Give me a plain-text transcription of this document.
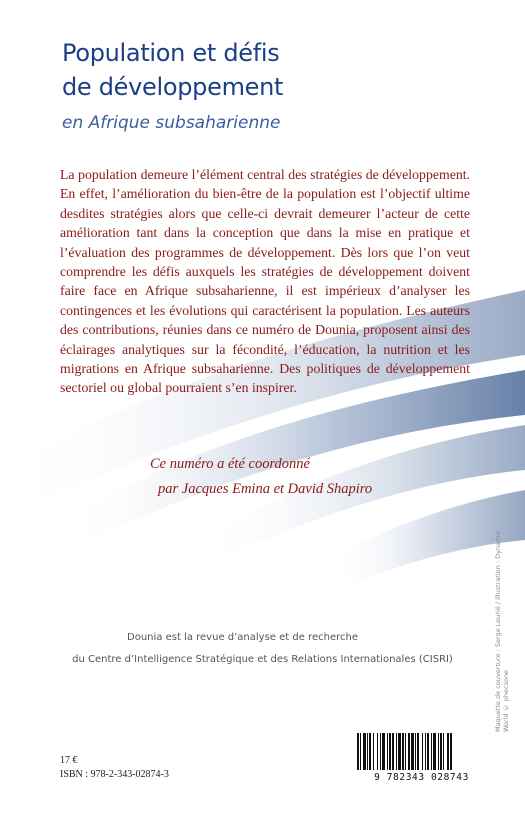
Population et défis
de développement

en Afrique subsaharienne

La population demeure l’élément central des stratégies de développement. En effet, l’amélioration du bien-être de la population est l’objectif ultime desdites stratégies alors que celle-ci devrait demeurer l’acteur de cette amélioration tant dans la conception que dans la mise en pratique et l’évaluation des programmes de développement. Dès lors que l’on veut comprendre les défis auxquels les stratégies de développement doivent faire face en Afrique subsaharienne, il est impérieux d’analyser les contingences et les évolutions qui caractérisent la population. Les auteurs des contributions, réunies dans ce numéro de Dounia, proposent ainsi des éclairages analytiques sur la fécondité, l’éducation, la nutrition et les migrations en Afrique subsaharienne. Des politiques de développement sectoriel ou global pourraient s’en inspirer.

Ce numéro a été coordonné
par Jacques Emina et David Shapiro
Dounia est la revue d’analyse et de recherche
du Centre d’Intelligence Stratégique et des Relations Internationales (CISRI)	Maquette de couverture : Serge Lourié / illustration : Dynamic World © phecsone
17 €
ISBN : 978-2-343-02874-3	9 782343 028743
